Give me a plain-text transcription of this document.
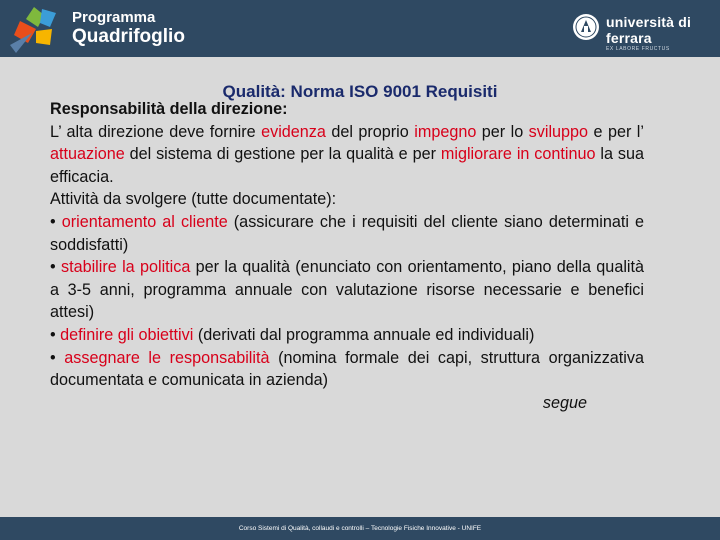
Programma
Quadrifoglio
università di ferrara
EX LABORE FRUCTUS
Qualità: Norma ISO 9001 Requisiti

Responsabilità della direzione:

L’ alta direzione deve fornire evidenza del proprio impegno per lo sviluppo e per l’ attuazione del sistema di gestione per la qualità e per migliorare in continuo la sua efficacia.

Attività da svolgere (tutte documentate):

• orientamento al cliente (assicurare che i requisiti del cliente siano determinati e soddisfatti)

• stabilire la politica per la qualità (enunciato con orientamento, piano della qualità a 3-5 anni, programma annuale con valutazione risorse necessarie e benefici attesi)

• definire gli obiettivi (derivati dal programma annuale ed individuali)

• assegnare le responsabilità (nomina formale dei capi, struttura organizzativa documentata e comunicata in azienda)

segue

Corso Sistemi di Qualità, collaudi e controlli – Tecnologie Fisiche Innovative - UNIFE
